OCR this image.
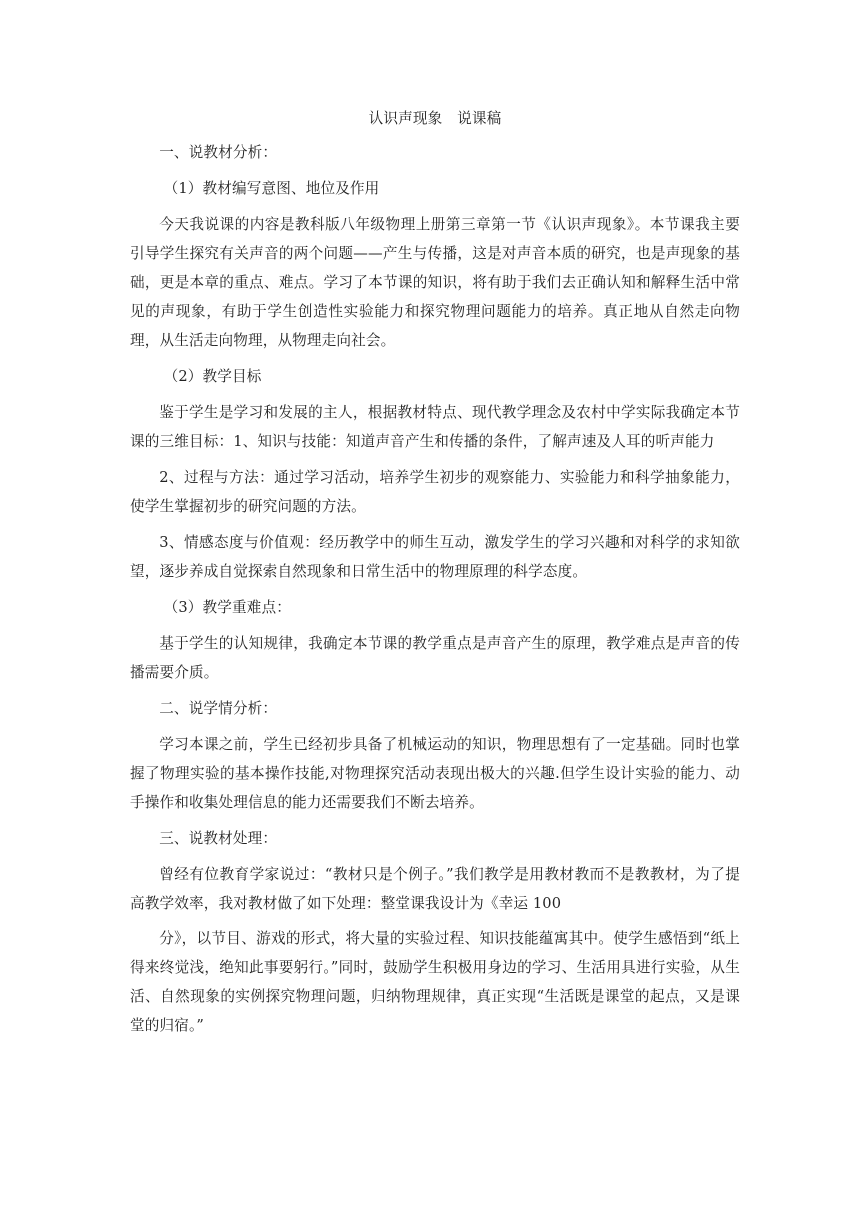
认识声现象　说课稿
一、说教材分析：
（1）教材编写意图、地位及作用
今天我说课的内容是教科版八年级物理上册第三章第一节《认识声现象》。本节课我主要引导学生探究有关声音的两个问题——产生与传播，这是对声音本质的研究，也是声现象的基础，更是本章的重点、难点。学习了本节课的知识，将有助于我们去正确认知和解释生活中常见的声现象，有助于学生创造性实验能力和探究物理问题能力的培养。真正地从自然走向物理，从生活走向物理，从物理走向社会。
（2）教学目标
鉴于学生是学习和发展的主人，根据教材特点、现代教学理念及农村中学实际我确定本节课的三维目标：1、知识与技能：知道声音产生和传播的条件，了解声速及人耳的听声能力
2、过程与方法：通过学习活动，培养学生初步的观察能力、实验能力和科学抽象能力，使学生掌握初步的研究问题的方法。
3、情感态度与价值观：经历教学中的师生互动，激发学生的学习兴趣和对科学的求知欲望，逐步养成自觉探索自然现象和日常生活中的物理原理的科学态度。
（3）教学重难点：
基于学生的认知规律，我确定本节课的教学重点是声音产生的原理，教学难点是声音的传播需要介质。
二、说学情分析：
学习本课之前，学生已经初步具备了机械运动的知识，物理思想有了一定基础。同时也掌握了物理实验的基本操作技能,对物理探究活动表现出极大的兴趣.但学生设计实验的能力、动手操作和收集处理信息的能力还需要我们不断去培养。
三、说教材处理：
曾经有位教育学家说过：“教材只是个例子。”我们教学是用教材教而不是教教材，为了提高教学效率，我对教材做了如下处理：整堂课我设计为《幸运 100
分》，以节目、游戏的形式，将大量的实验过程、知识技能蕴寓其中。使学生感悟到“纸上得来终觉浅，绝知此事要躬行。”同时，鼓励学生积极用身边的学习、生活用具进行实验，从生活、自然现象的实例探究物理问题，归纳物理规律，真正实现“生活既是课堂的起点，又是课堂的归宿。”
